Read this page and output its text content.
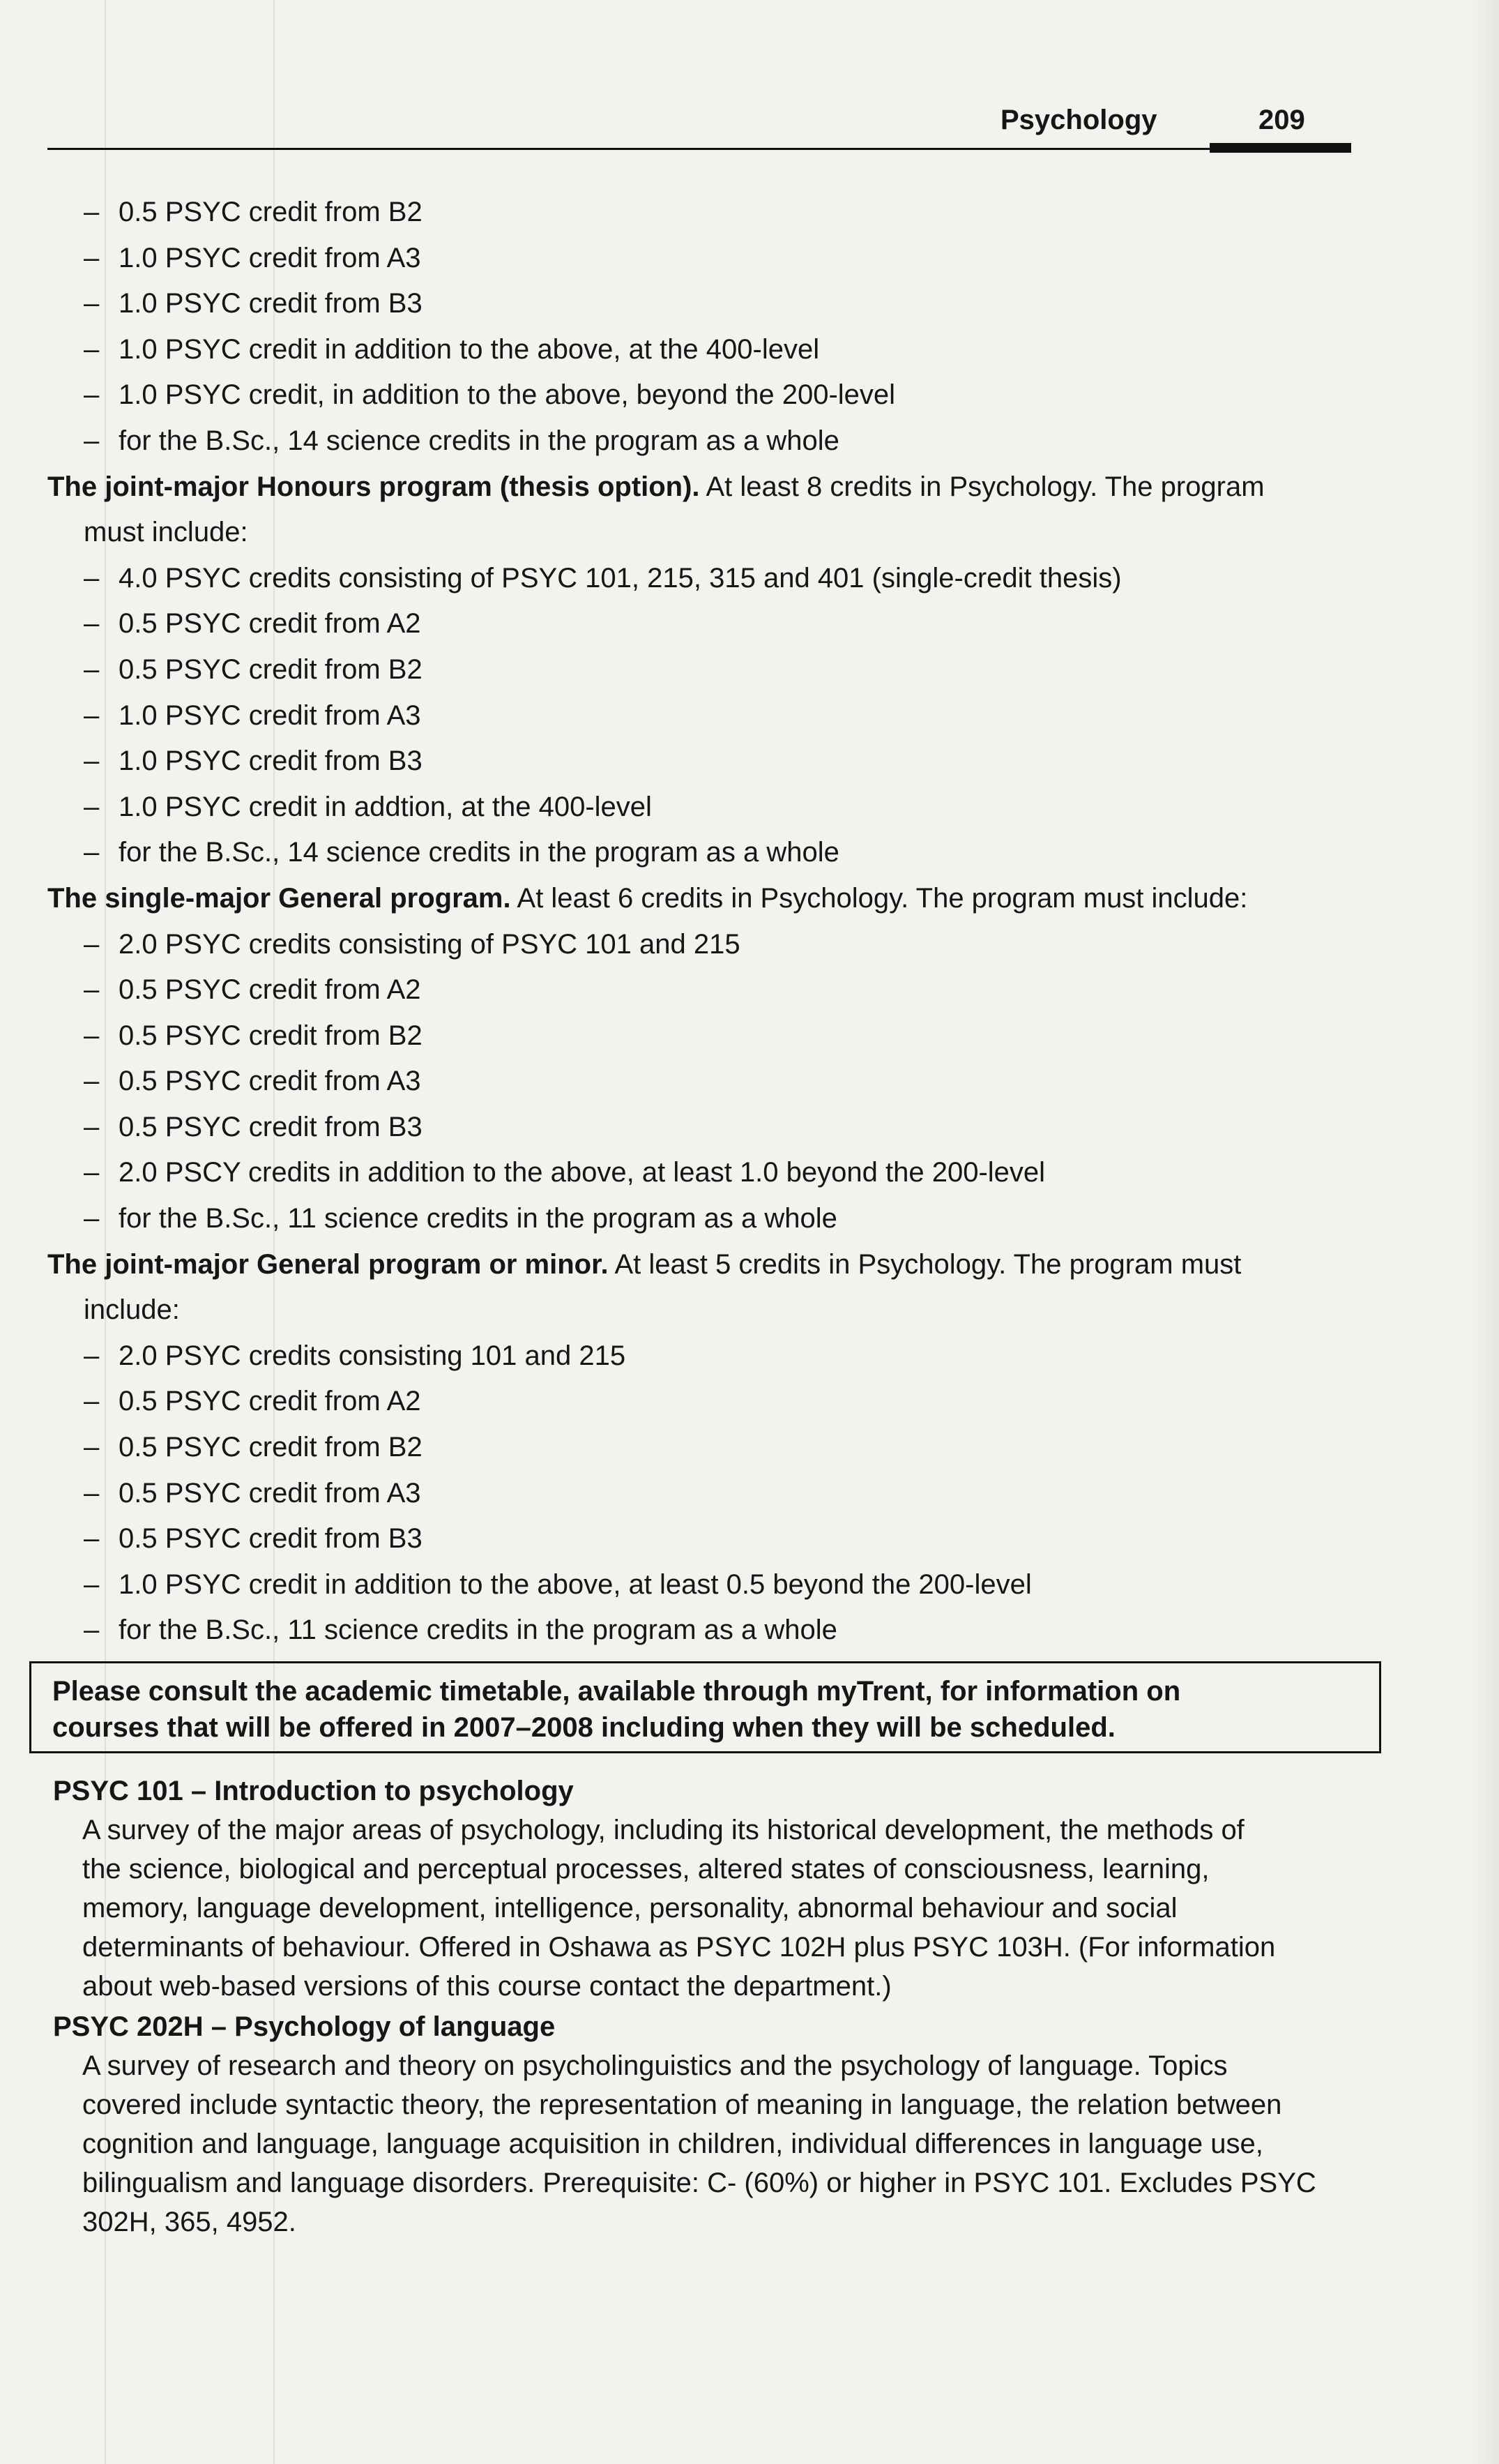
Psychology	209
– 0.5 PSYC credit from B2
– 1.0 PSYC credit from A3
– 1.0 PSYC credit from B3
– 1.0 PSYC credit in addition to the above, at the 400-level
– 1.0 PSYC credit, in addition to the above, beyond the 200-level
– for the B.Sc., 14 science credits in the program as a whole
The joint-major Honours program (thesis option). At least 8 credits in Psychology. The program
must include:
– 4.0 PSYC credits consisting of PSYC 101, 215, 315 and 401 (single-credit thesis)
– 0.5 PSYC credit from A2
– 0.5 PSYC credit from B2
– 1.0 PSYC credit from A3
– 1.0 PSYC credit from B3
– 1.0 PSYC credit in addtion, at the 400-level
– for the B.Sc., 14 science credits in the program as a whole
The single-major General program. At least 6 credits in Psychology. The program must include:
– 2.0 PSYC credits consisting of PSYC 101 and 215
– 0.5 PSYC credit from A2
– 0.5 PSYC credit from B2
– 0.5 PSYC credit from A3
– 0.5 PSYC credit from B3
– 2.0 PSCY credits in addition to the above, at least 1.0 beyond the 200-level
– for the B.Sc., 11 science credits in the program as a whole
The joint-major General program or minor. At least 5 credits in Psychology. The program must
include:
– 2.0 PSYC credits consisting 101 and 215
– 0.5 PSYC credit from A2
– 0.5 PSYC credit from B2
– 0.5 PSYC credit from A3
– 0.5 PSYC credit from B3
– 1.0 PSYC credit in addition to the above, at least 0.5 beyond the 200-level
– for the B.Sc., 11 science credits in the program as a whole
Please consult the academic timetable, available through myTrent, for information on
courses that will be offered in 2007–2008 including when they will be scheduled.
PSYC 101 – Introduction to psychology
A survey of the major areas of psychology, including its historical development, the methods of
the science, biological and perceptual processes, altered states of consciousness, learning,
memory, language development, intelligence, personality, abnormal behaviour and social
determinants of behaviour. Offered in Oshawa as PSYC 102H plus PSYC 103H. (For information
about web-based versions of this course contact the department.)
PSYC 202H – Psychology of language
A survey of research and theory on psycholinguistics and the psychology of language. Topics
covered include syntactic theory, the representation of meaning in language, the relation between
cognition and language, language acquisition in children, individual differences in language use,
bilingualism and language disorders. Prerequisite: C- (60%) or higher in PSYC 101. Excludes PSYC
302H, 365, 4952.
